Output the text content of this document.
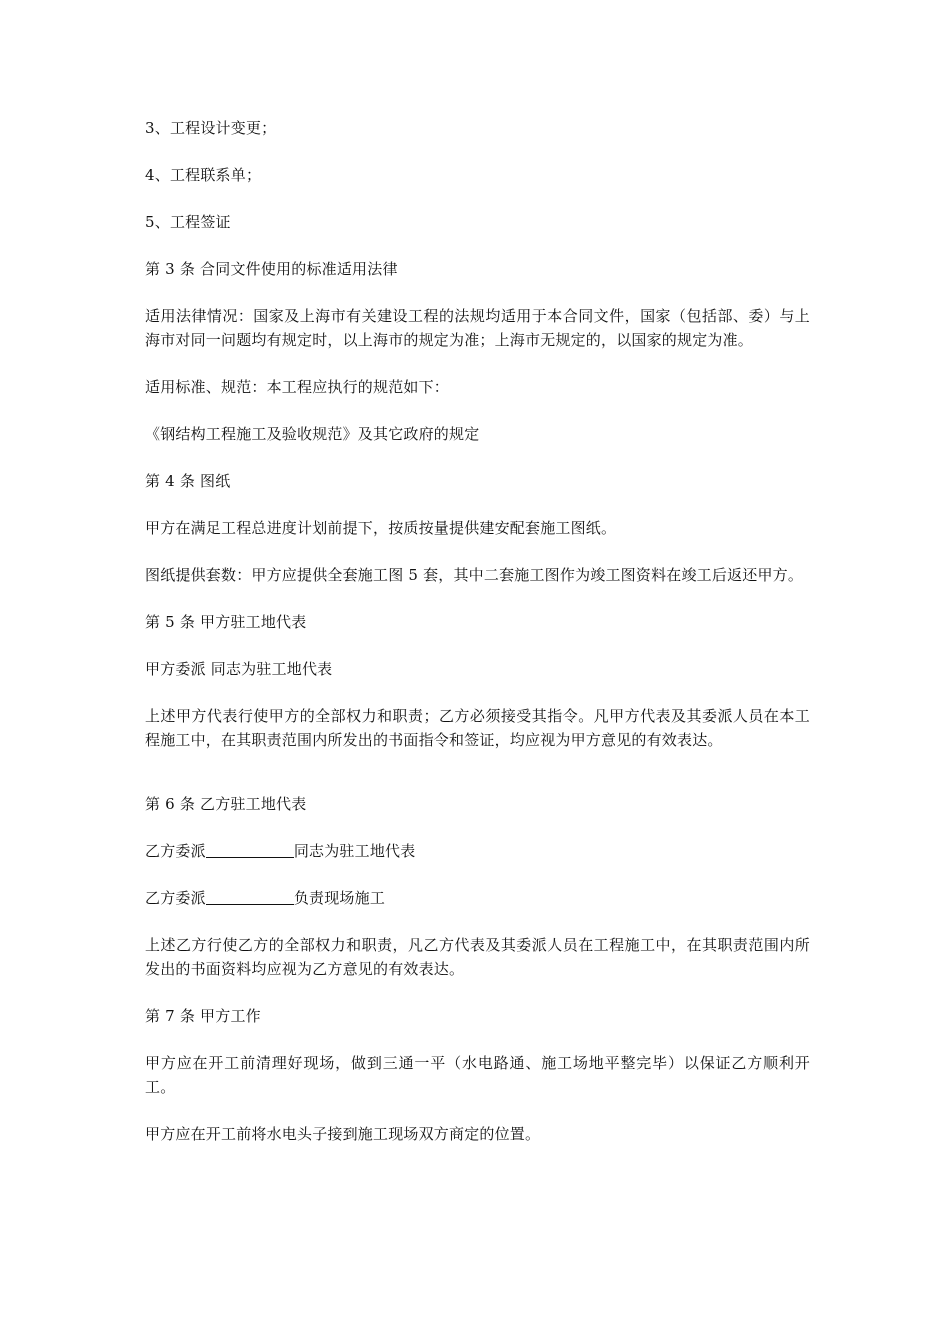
3、工程设计变更；

4、工程联系单；

5、工程签证

第 3 条 合同文件使用的标准适用法律

适用法律情况：国家及上海市有关建设工程的法规均适用于本合同文件，国家（包括部、委）与上海市对同一问题均有规定时，以上海市的规定为准；上海市无规定的，以国家的规定为准。

适用标准、规范：本工程应执行的规范如下：

《钢结构工程施工及验收规范》及其它政府的规定

第 4 条 图纸

甲方在满足工程总进度计划前提下，按质按量提供建安配套施工图纸。

图纸提供套数：甲方应提供全套施工图 5 套，其中二套施工图作为竣工图资料在竣工后返还甲方。

第 5 条 甲方驻工地代表

甲方委派 同志为驻工地代表

上述甲方代表行使甲方的全部权力和职责；乙方必须接受其指令。凡甲方代表及其委派人员在本工程施工中，在其职责范围内所发出的书面指令和签证，均应视为甲方意见的有效表达。

第 6 条 乙方驻工地代表

乙方委派	同志为驻工地代表

乙方委派	负责现场施工

上述乙方行使乙方的全部权力和职责，凡乙方代表及其委派人员在工程施工中，在其职责范围内所发出的书面资料均应视为乙方意见的有效表达。

第 7 条 甲方工作

甲方应在开工前清理好现场，做到三通一平（水电路通、施工场地平整完毕）以保证乙方顺利开工。

甲方应在开工前将水电头子接到施工现场双方商定的位置。
